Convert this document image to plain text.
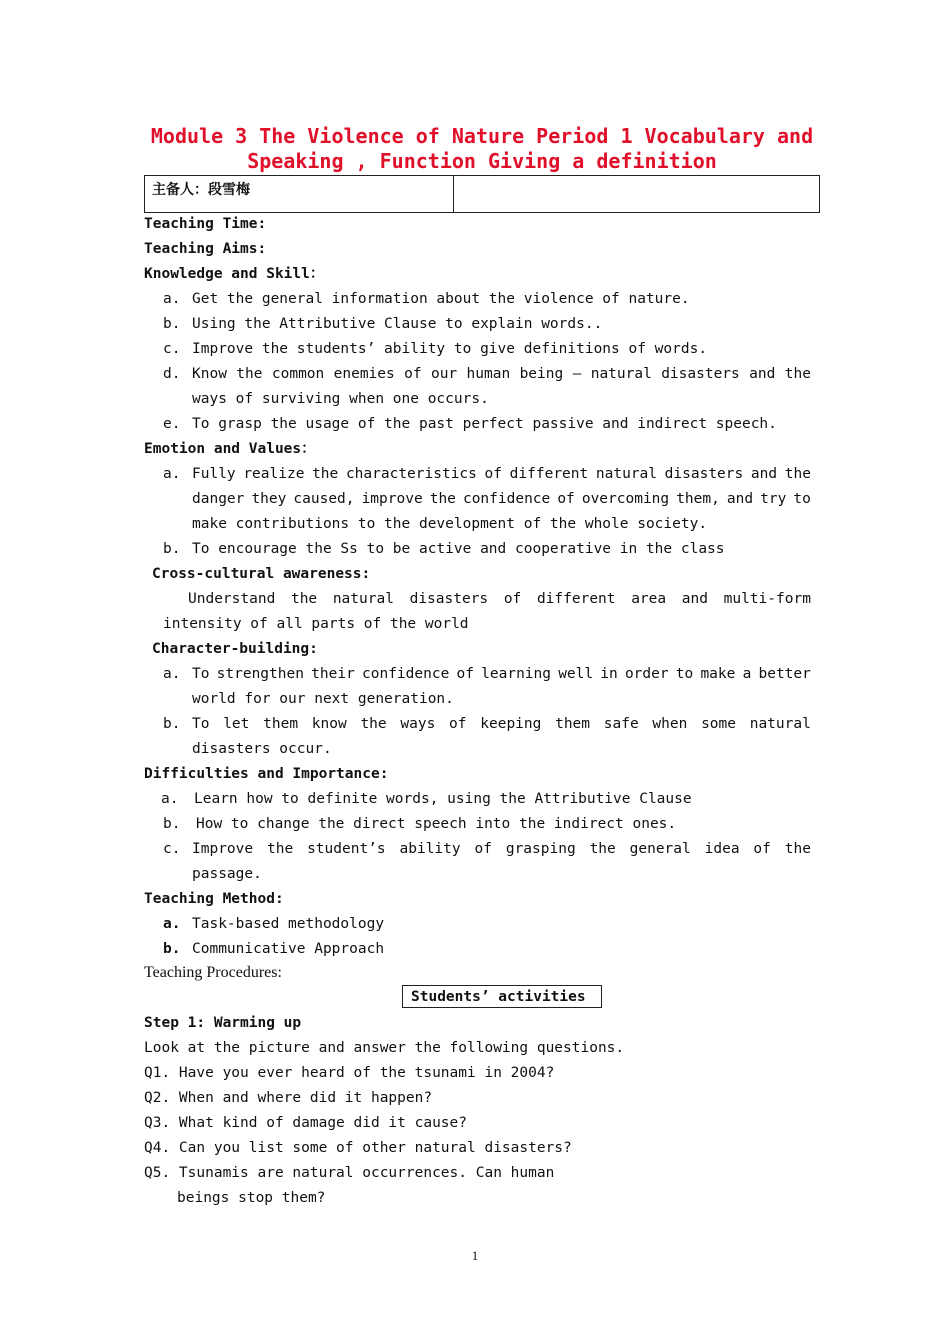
Module 3 The Violence of Nature Period 1 Vocabulary and
Speaking , Function Giving a definition
主备人：段雪梅
Teaching Time:
Teaching Aims:
Knowledge and Skill：
a. Get the general information about the violence of nature.
b. Using the Attributive Clause to explain words..
c. Improve the students’ ability to give definitions of words.
d. Know the common enemies of our human being – natural disasters and the
ways of surviving when one occurs.
e. To grasp the usage of the past perfect passive and indirect speech.
Emotion and Values：
a. Fully realize the characteristics of different natural disasters and the
danger they caused, improve the confidence of overcoming them, and try to
make contributions to the development of the whole society.
b. To encourage the Ss to be active and cooperative in the class
Cross-cultural awareness:
Understand the natural disasters of different area and multi-form
intensity of all parts of the world
Character-building:
a. To strengthen their confidence of learning well in order to make a better
world for our next generation.
b. To let them know the ways of keeping them safe when some natural
disasters occur.
Difficulties and Importance:
a. Learn how to definite words, using the Attributive Clause
b. How to change the direct speech into the indirect ones.
c. Improve the student’s ability of grasping the general idea of the
passage.
Teaching Method:
a. Task-based methodology
b. Communicative Approach
Teaching Procedures:
Students’ activities
Step 1: Warming up
Look at the picture and answer the following questions.
Q1. Have you ever heard of the tsunami in 2004?
Q2. When and where did it happen?
Q3. What kind of damage did it cause?
Q4. Can you list some of other natural disasters?
Q5. Tsunamis are natural occurrences. Can human
beings stop them?
1
